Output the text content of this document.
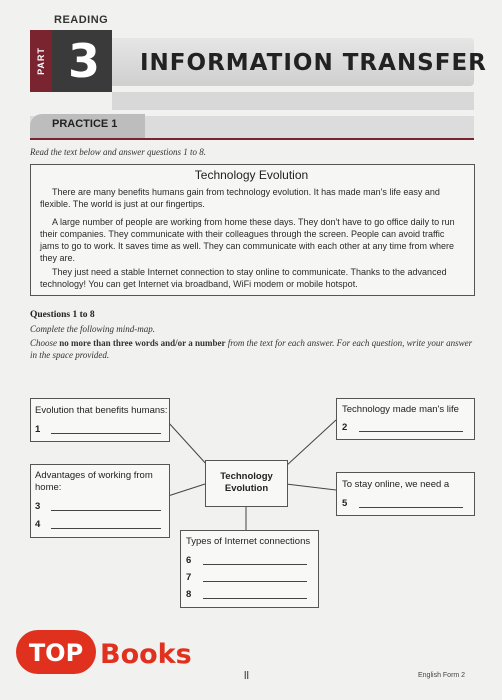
READING
PART 3	INFORMATION TRANSFER
PRACTICE 1
Read the text below and answer questions 1 to 8.
Technology Evolution
There are many benefits humans gain from technology evolution. It has made man's life easy and flexible. The world is just at our fingertips.
A large number of people are working from home these days. They don't have to go office daily to run their companies. They communicate with their colleagues through the screen. People can avoid traffic jams to go to work. It saves time as well. They can communicate with each other at any time from where they are.
They just need a stable Internet connection to stay online to communicate. Thanks to the advanced technology! You can get Internet via broadband, WiFi modem or mobile hotspot.
Questions 1 to 8
Complete the following mind-map.
Choose no more than three words and/or a number from the text for each answer. For each question, write your answer in the space provided.
Evolution that benefits humans:
1
Technology made man's life
2
Advantages of working from home:
3
4
Technology Evolution	To stay online, we need a
5
Types of Internet connections
6
7
8
TOP Books
ll	English Form 2
